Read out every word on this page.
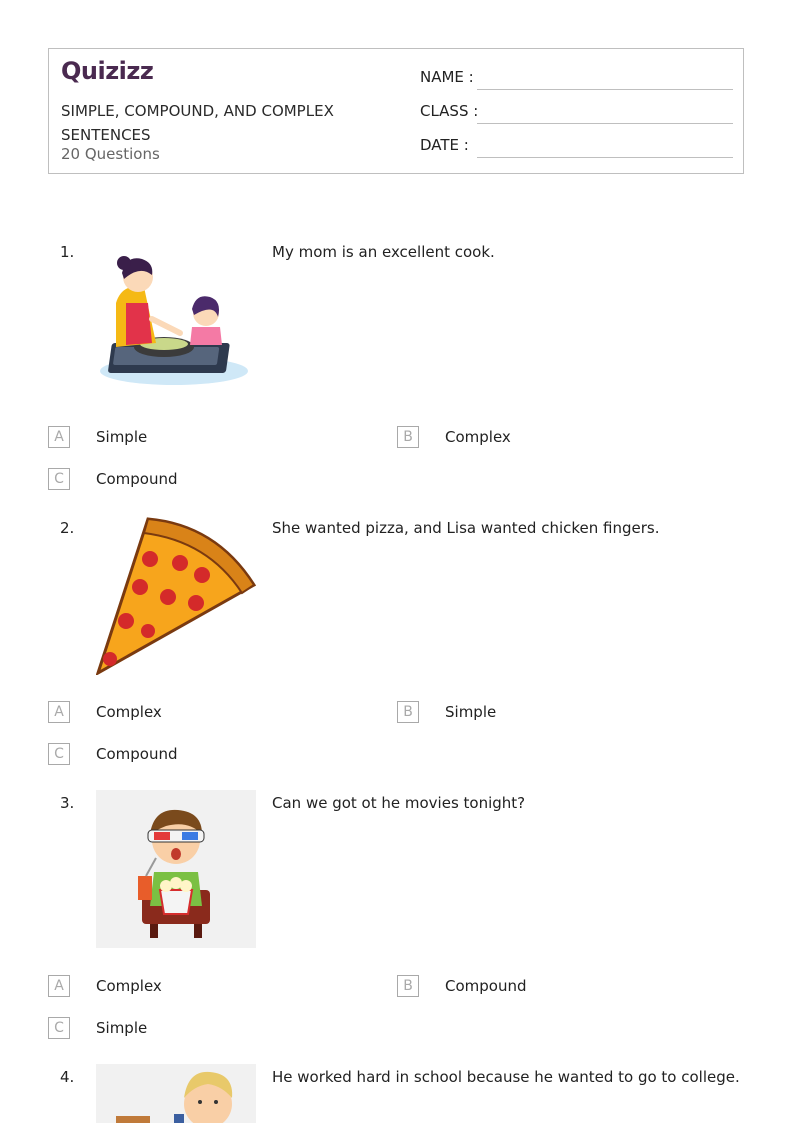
Quizizz
SIMPLE, COMPOUND, AND COMPLEX SENTENCES
20 Questions
NAME :
CLASS :
DATE :
1.	My mom is an excellent cook.
A	Simple	B	Complex
C	Compound
2.	She wanted pizza, and Lisa wanted chicken fingers.
A	Complex	B	Simple
C	Compound
3.	Can we got ot he movies tonight?
A	Complex	B	Compound
C	Simple
4.	He worked hard in school because he wanted to go to college.
